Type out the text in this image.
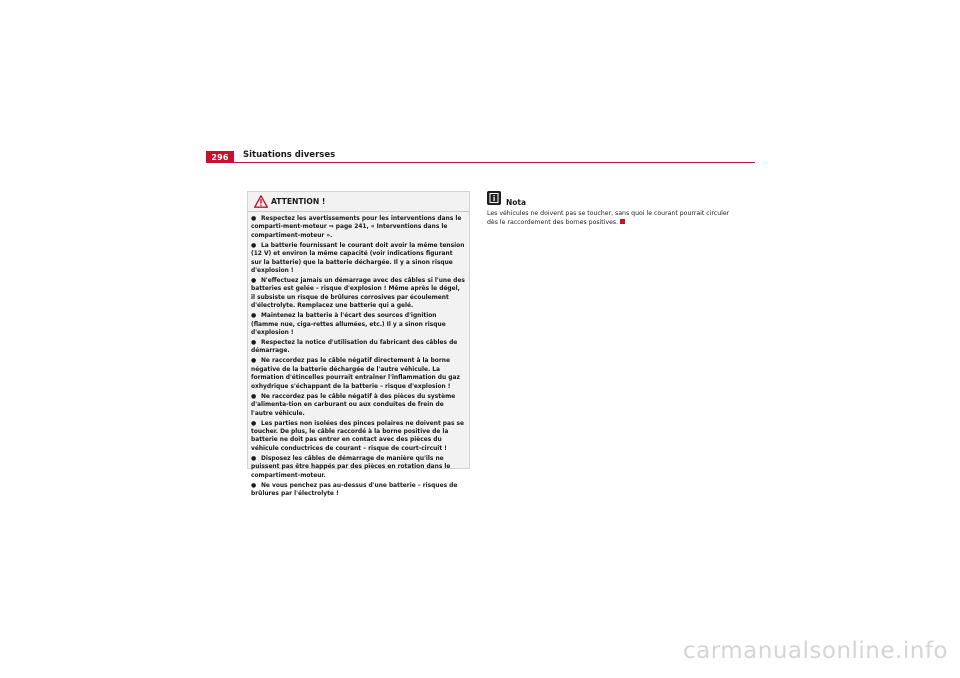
296	Situations diverses
ATTENTION !
● Respectez les avertissements pour les interventions dans le comparti-ment-moteur ⇒ page 241, « Interventions dans le compartiment-moteur ».
● La batterie fournissant le courant doit avoir la même tension (12 V) et environ la même capacité (voir indications figurant sur la batterie) que la batterie déchargée. Il y a sinon risque d'explosion !
● N'effectuez jamais un démarrage avec des câbles si l'une des batteries est gelée – risque d'explosion ! Même après le dégel, il subsiste un risque de brûlures corrosives par écoulement d'électrolyte. Remplacez une batterie qui a gelé.
● Maintenez la batterie à l'écart des sources d'ignition (flamme nue, ciga-rettes allumées, etc.) Il y a sinon risque d'explosion !
● Respectez la notice d'utilisation du fabricant des câbles de démarrage.
● Ne raccordez pas le câble négatif directement à la borne négative de la batterie déchargée de l'autre véhicule. La formation d'étincelles pourrait entraîner l'inflammation du gaz oxhydrique s'échappant de la batterie – risque d'explosion !
● Ne raccordez pas le câble négatif à des pièces du système d'alimenta-tion en carburant ou aux conduites de frein de l'autre véhicule.
● Les parties non isolées des pinces polaires ne doivent pas se toucher. De plus, le câble raccordé à la borne positive de la batterie ne doit pas entrer en contact avec des pièces du véhicule conductrices de courant – risque de court-circuit !
● Disposez les câbles de démarrage de manière qu'ils ne puissent pas être happés par des pièces en rotation dans le compartiment-moteur.
● Ne vous penchez pas au-dessus d'une batterie – risques de brûlures par l'électrolyte !
Nota
Les véhicules ne doivent pas se toucher, sans quoi le courant pourrait circuler dès le raccordement des bornes positives.
carmanualsonline.info
